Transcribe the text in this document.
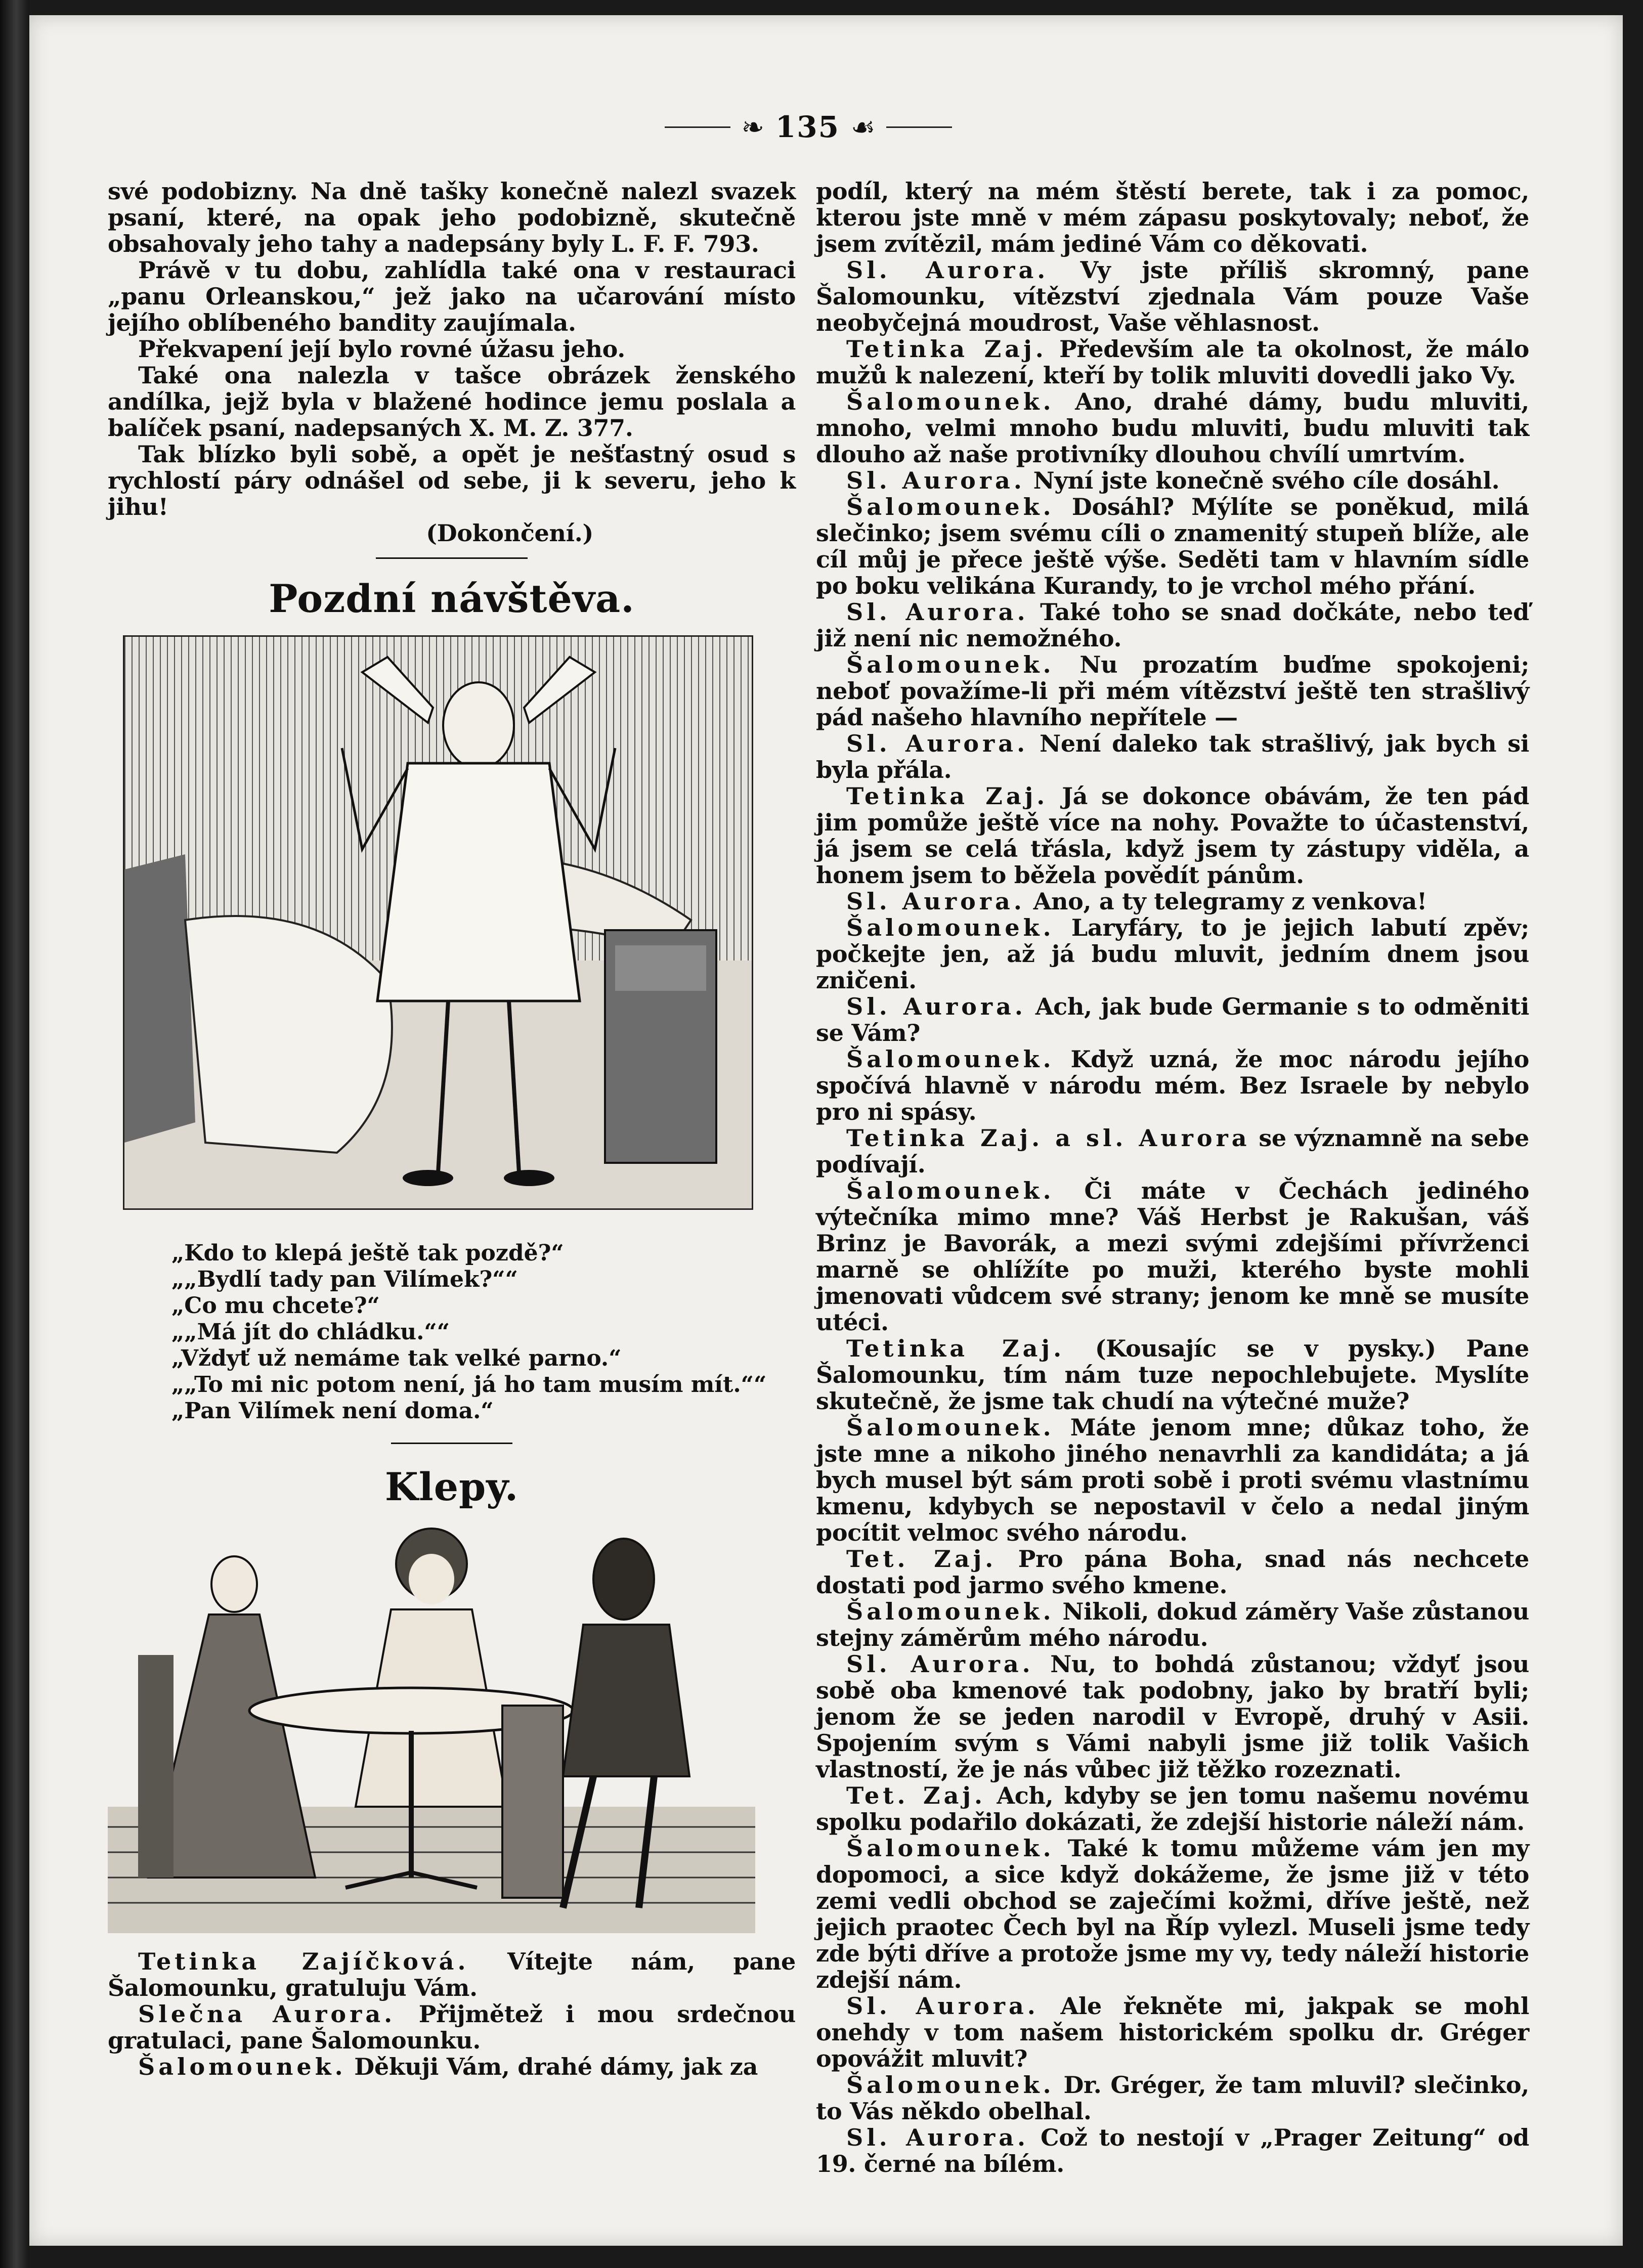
❧ 135 ☙

své podobizny. Na dně tašky konečně nalezl svazek psaní, které, na opak jeho podobizně, skutečně obsahovaly jeho tahy a nadepsány byly L. F. F. 793.

Právě v tu dobu, zahlídla také ona v restauraci „panu Orleanskou,“ jež jako na učarování místo jejího oblíbeného bandity zaujímala.

Překvapení její bylo rovné úžasu jeho.

Také ona nalezla v tašce obrázek ženského andílka, jejž byla v blažené hodince jemu poslala a balíček psaní, nadepsaných X. M. Z. 377.

Tak blízko byli sobě, a opět je nešťastný osud s rychlostí páry odnášel od sebe, ji k severu, jeho k jihu!

(Dokončení.)

Pozdní návštěva.

„Kdo to klepá ještě tak pozdě?“

„„Bydlí tady pan Vilímek?““

„Co mu chcete?“

„„Má jít do chládku.““

„Vždyť už nemáme tak velké parno.“

„„To mi nic potom není, já ho tam musím mít.““

„Pan Vilímek není doma.“

Klepy.

Tetinka Zajíčková. Vítejte nám, pane Šalomounku, gratuluju Vám.

Slečna Aurora. Přijmětež i mou srdečnou gratulaci, pane Šalomounku.

Šalomounek. Děkuji Vám, drahé dámy, jak za

podíl, který na mém štěstí berete, tak i za pomoc, kterou jste mně v mém zápasu poskytovaly; neboť, že jsem zvítězil, mám jediné Vám co děkovati.

Sl. Aurora. Vy jste příliš skromný, pane Šalomounku, vítězství zjednala Vám pouze Vaše neobyčejná moudrost, Vaše věhlasnost.

Tetinka Zaj. Především ale ta okolnost, že málo mužů k nalezení, kteří by tolik mluviti dovedli jako Vy.

Šalomounek. Ano, drahé dámy, budu mluviti, mnoho, velmi mnoho budu mluviti, budu mluviti tak dlouho až naše protivníky dlouhou chvílí umrtvím.

Sl. Aurora. Nyní jste konečně svého cíle dosáhl.

Šalomounek. Dosáhl? Mýlíte se poněkud, milá slečinko; jsem svému cíli o znamenitý stupeň blíže, ale cíl můj je přece ještě výše. Seděti tam v hlavním sídle po boku velikána Kurandy, to je vrchol mého přání.

Sl. Aurora. Také toho se snad dočkáte, nebo teď již není nic nemožného.

Šalomounek. Nu prozatím buďme spokojeni; neboť považíme-li při mém vítězství ještě ten strašlivý pád našeho hlavního nepřítele —

Sl. Aurora. Není daleko tak strašlivý, jak bych si byla přála.

Tetinka Zaj. Já se dokonce obávám, že ten pád jim pomůže ještě více na nohy. Považte to účastenství, já jsem se celá třásla, když jsem ty zástupy viděla, a honem jsem to běžela povědít pánům.

Sl. Aurora. Ano, a ty telegramy z venkova!

Šalomounek. Laryfáry, to je jejich labutí zpěv; počkejte jen, až já budu mluvit, jedním dnem jsou zničeni.

Sl. Aurora. Ach, jak bude Germanie s to odměniti se Vám?

Šalomounek. Když uzná, že moc národu jejího spočívá hlavně v národu mém. Bez Israele by nebylo pro ni spásy.

Tetinka Zaj. a sl. Aurora se významně na sebe podívají.

Šalomounek. Či máte v Čechách jediného výtečníka mimo mne? Váš Herbst je Rakušan, váš Brinz je Bavorák, a mezi svými zdejšími přívrženci marně se ohlížíte po muži, kterého byste mohli jmenovati vůdcem své strany; jenom ke mně se musíte utéci.

Tetinka Zaj. (Kousajíc se v pysky.) Pane Šalomounku, tím nám tuze nepochlebujete. Myslíte skutečně, že jsme tak chudí na výtečné muže?

Šalomounek. Máte jenom mne; důkaz toho, že jste mne a nikoho jiného nenavrhli za kandidáta; a já bych musel být sám proti sobě i proti svému vlastnímu kmenu, kdybych se nepostavil v čelo a nedal jiným pocítit velmoc svého národu.

Tet. Zaj. Pro pána Boha, snad nás nechcete dostati pod jarmo svého kmene.

Šalomounek. Nikoli, dokud záměry Vaše zůstanou stejny záměrům mého národu.

Sl. Aurora. Nu, to bohdá zůstanou; vždyť jsou sobě oba kmenové tak podobny, jako by bratří byli; jenom že se jeden narodil v Evropě, druhý v Asii. Spojením svým s Vámi nabyli jsme již tolik Vašich vlastností, že je nás vůbec již těžko rozeznati.

Tet. Zaj. Ach, kdyby se jen tomu našemu novému spolku podařilo dokázati, že zdejší historie náleží nám.

Šalomounek. Také k tomu můžeme vám jen my dopomoci, a sice když dokážeme, že jsme již v této zemi vedli obchod se zaječími kožmi, dříve ještě, než jejich praotec Čech byl na Říp vylezl. Museli jsme tedy zde býti dříve a protože jsme my vy, tedy náleží historie zdejší nám.

Sl. Aurora. Ale řekněte mi, jakpak se mohl onehdy v tom našem historickém spolku dr. Gréger opovážit mluvit?

Šalomounek. Dr. Gréger, že tam mluvil? slečinko, to Vás někdo obelhal.

Sl. Aurora. Což to nestojí v „Prager Zeitung“ od 19. černé na bílém.
